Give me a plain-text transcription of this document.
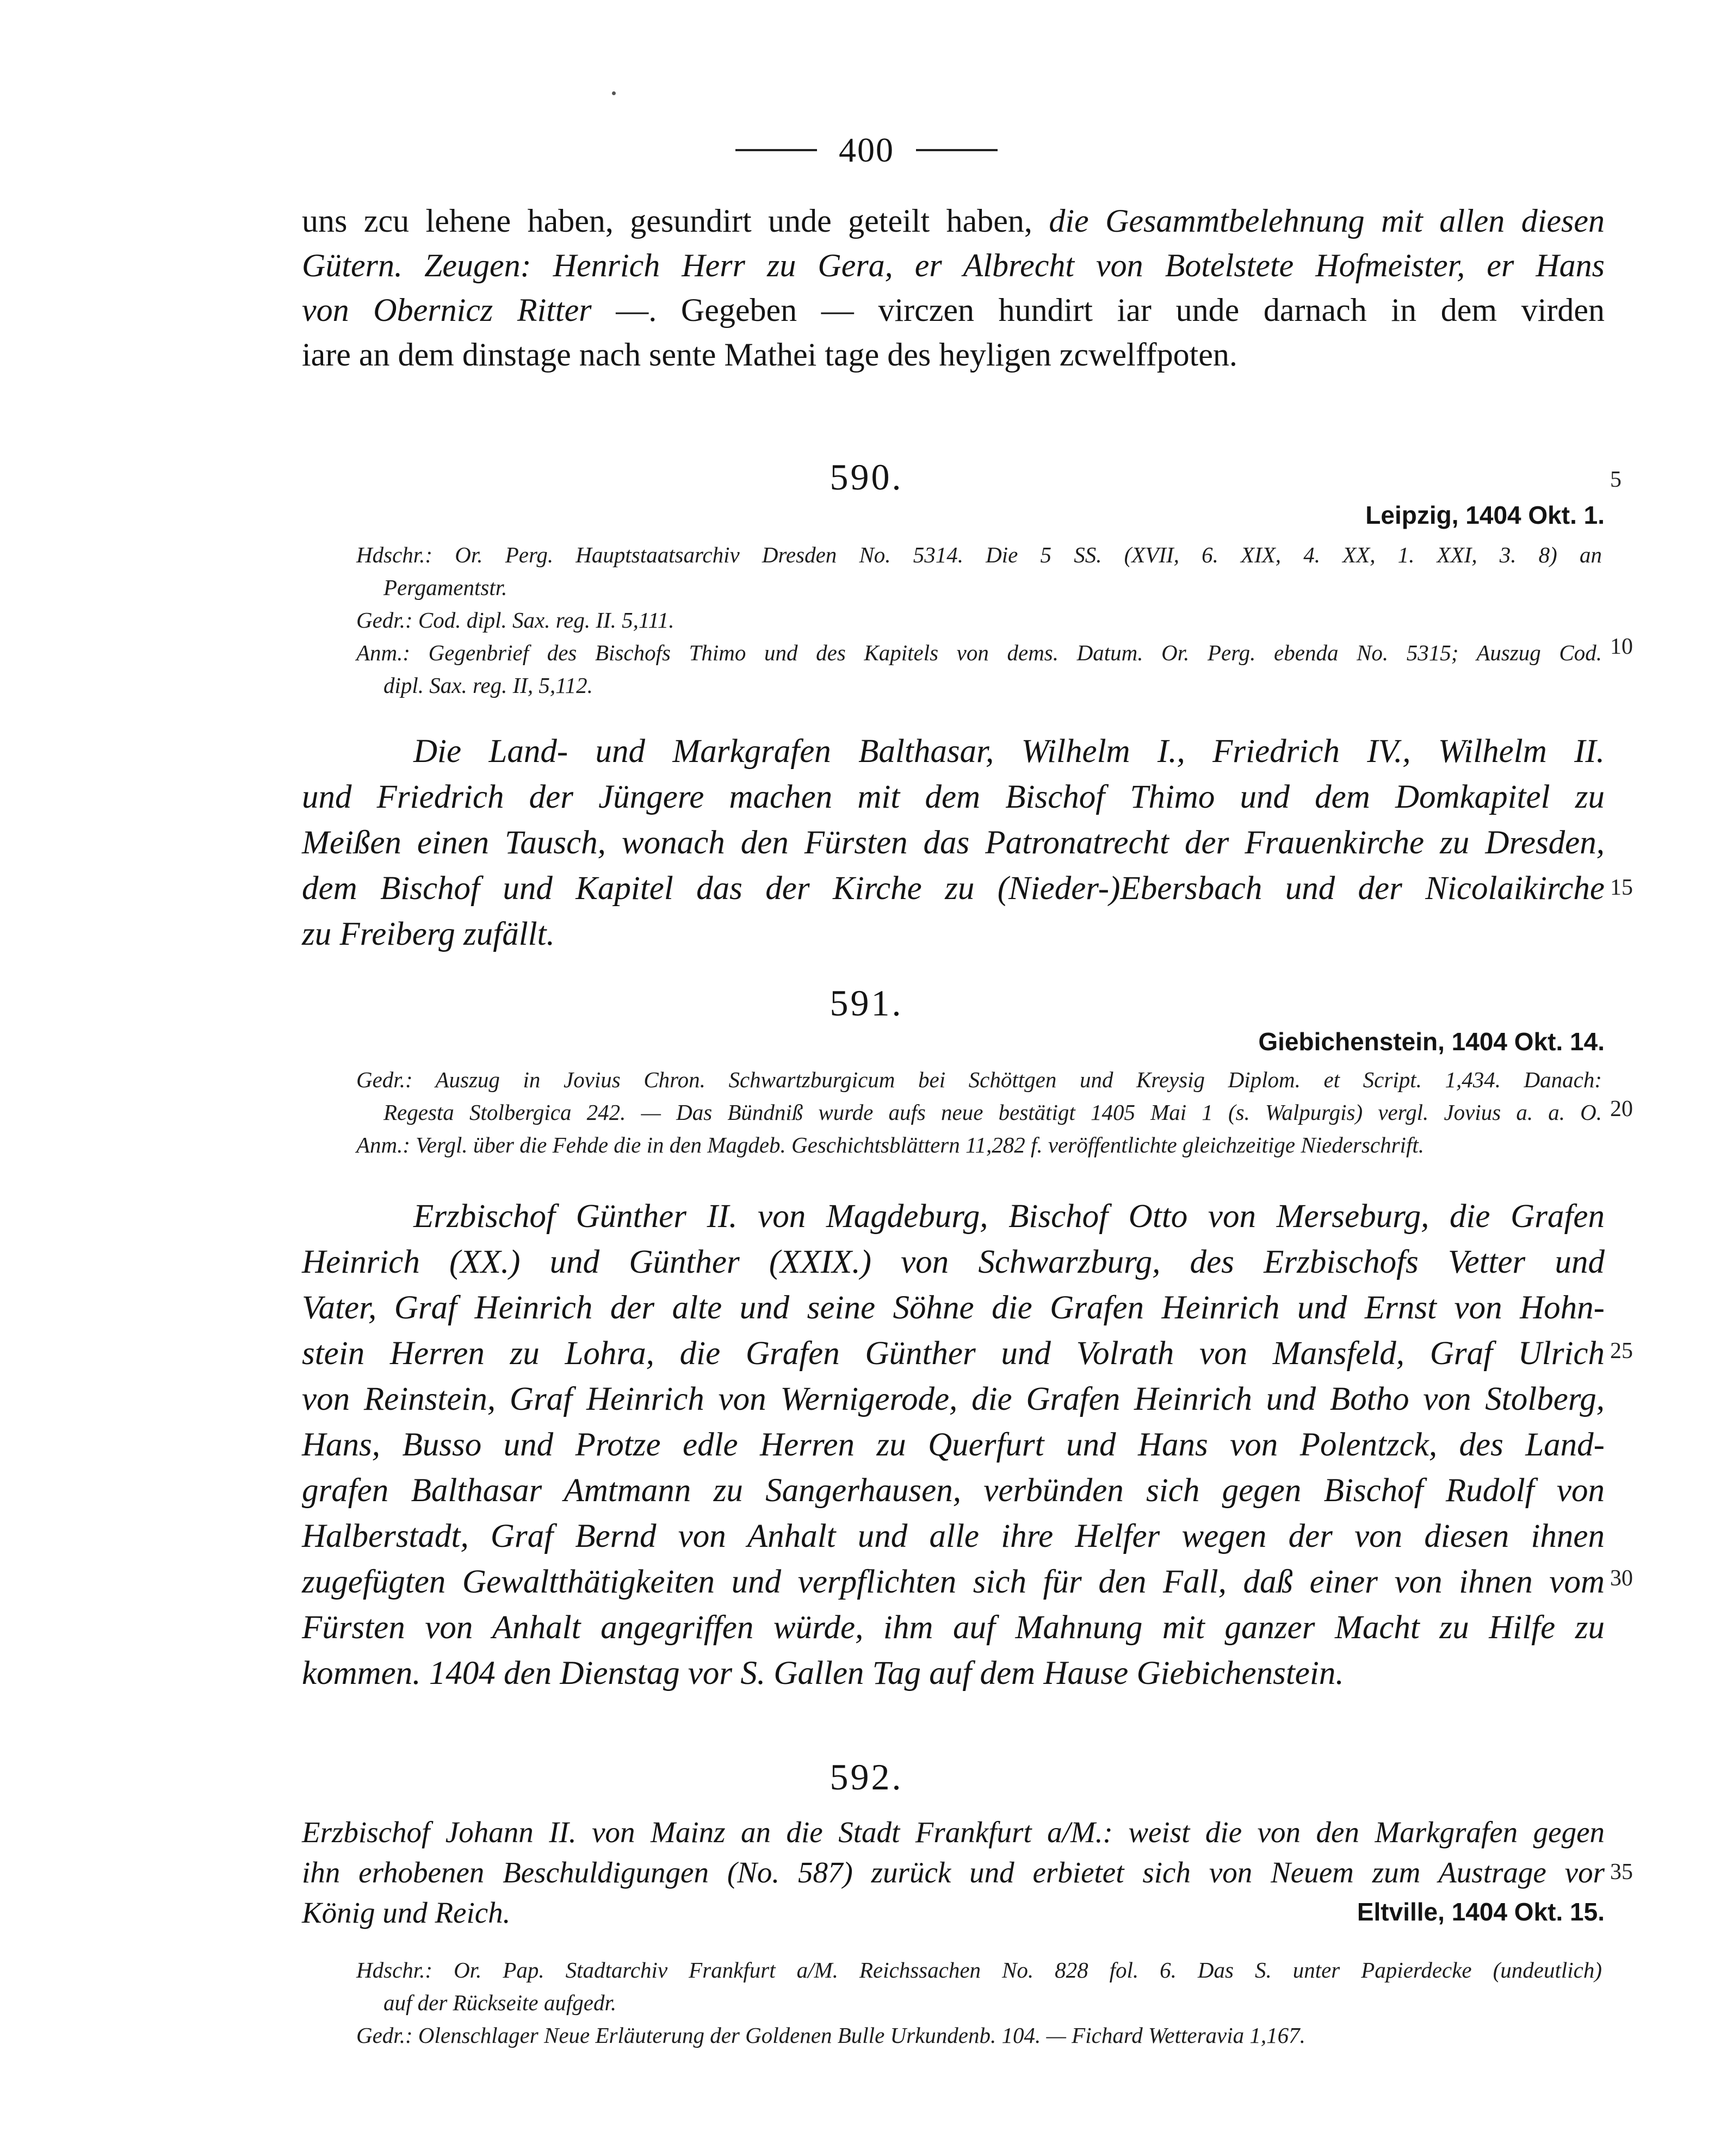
400
uns zcu lehene haben, gesundirt unde geteilt haben, die Gesammtbelehnung mit allen diesen
Gütern. Zeugen: Henrich Herr zu Gera, er Albrecht von Botelstete Hofmeister, er Hans
von Obernicz Ritter —. Gegeben — virczen hundirt iar unde darnach in dem virden
iare an dem dinstage nach sente Mathei tage des heyligen zcwelffpoten.
590.
Leipzig, 1404 Okt. 1.
Hdschr.: Or. Perg. Hauptstaatsarchiv Dresden No. 5314. Die 5 SS. (XVII, 6. XIX, 4. XX, 1. XXI, 3. 8) an
Pergamentstr.
Gedr.: Cod. dipl. Sax. reg. II. 5,111.
Anm.: Gegenbrief des Bischofs Thimo und des Kapitels von dems. Datum. Or. Perg. ebenda No. 5315; Auszug Cod.
dipl. Sax. reg. II, 5,112.
Die Land- und Markgrafen Balthasar, Wilhelm I., Friedrich IV., Wilhelm II.
und Friedrich der Jüngere machen mit dem Bischof Thimo und dem Domkapitel zu
Meißen einen Tausch, wonach den Fürsten das Patronatrecht der Frauenkirche zu Dresden,
dem Bischof und Kapitel das der Kirche zu (Nieder-)Ebersbach und der Nicolaikirche
zu Freiberg zufällt.
591.
Giebichenstein, 1404 Okt. 14.
Gedr.: Auszug in Jovius Chron. Schwartzburgicum bei Schöttgen und Kreysig Diplom. et Script. 1,434. Danach:
Regesta Stolbergica 242. — Das Bündniß wurde aufs neue bestätigt 1405 Mai 1 (s. Walpurgis) vergl. Jovius a. a. O.
Anm.: Vergl. über die Fehde die in den Magdeb. Geschichtsblättern 11,282 f. veröffentlichte gleichzeitige Niederschrift.
Erzbischof Günther II. von Magdeburg, Bischof Otto von Merseburg, die Grafen
Heinrich (XX.) und Günther (XXIX.) von Schwarzburg, des Erzbischofs Vetter und
Vater, Graf Heinrich der alte und seine Söhne die Grafen Heinrich und Ernst von Hohn-
stein Herren zu Lohra, die Grafen Günther und Volrath von Mansfeld, Graf Ulrich
von Reinstein, Graf Heinrich von Wernigerode, die Grafen Heinrich und Botho von Stolberg,
Hans, Busso und Protze edle Herren zu Querfurt und Hans von Polentzck, des Land-
grafen Balthasar Amtmann zu Sangerhausen, verbünden sich gegen Bischof Rudolf von
Halberstadt, Graf Bernd von Anhalt und alle ihre Helfer wegen der von diesen ihnen
zugefügten Gewaltthätigkeiten und verpflichten sich für den Fall, daß einer von ihnen vom
Fürsten von Anhalt angegriffen würde, ihm auf Mahnung mit ganzer Macht zu Hilfe zu
kommen. 1404 den Dienstag vor S. Gallen Tag auf dem Hause Giebichenstein.
592.
Erzbischof Johann II. von Mainz an die Stadt Frankfurt a/M.: weist die von den Markgrafen gegen
ihn erhobenen Beschuldigungen (No. 587) zurück und erbietet sich von Neuem zum Austrage vor
König und Reich.	Eltville, 1404 Okt. 15.
Hdschr.: Or. Pap. Stadtarchiv Frankfurt a/M. Reichssachen No. 828 fol. 6. Das S. unter Papierdecke (undeutlich)
auf der Rückseite aufgedr.
Gedr.: Olenschlager Neue Erläuterung der Goldenen Bulle Urkundenb. 104. — Fichard Wetteravia 1,167.
5
10
15
20
25
30
35
